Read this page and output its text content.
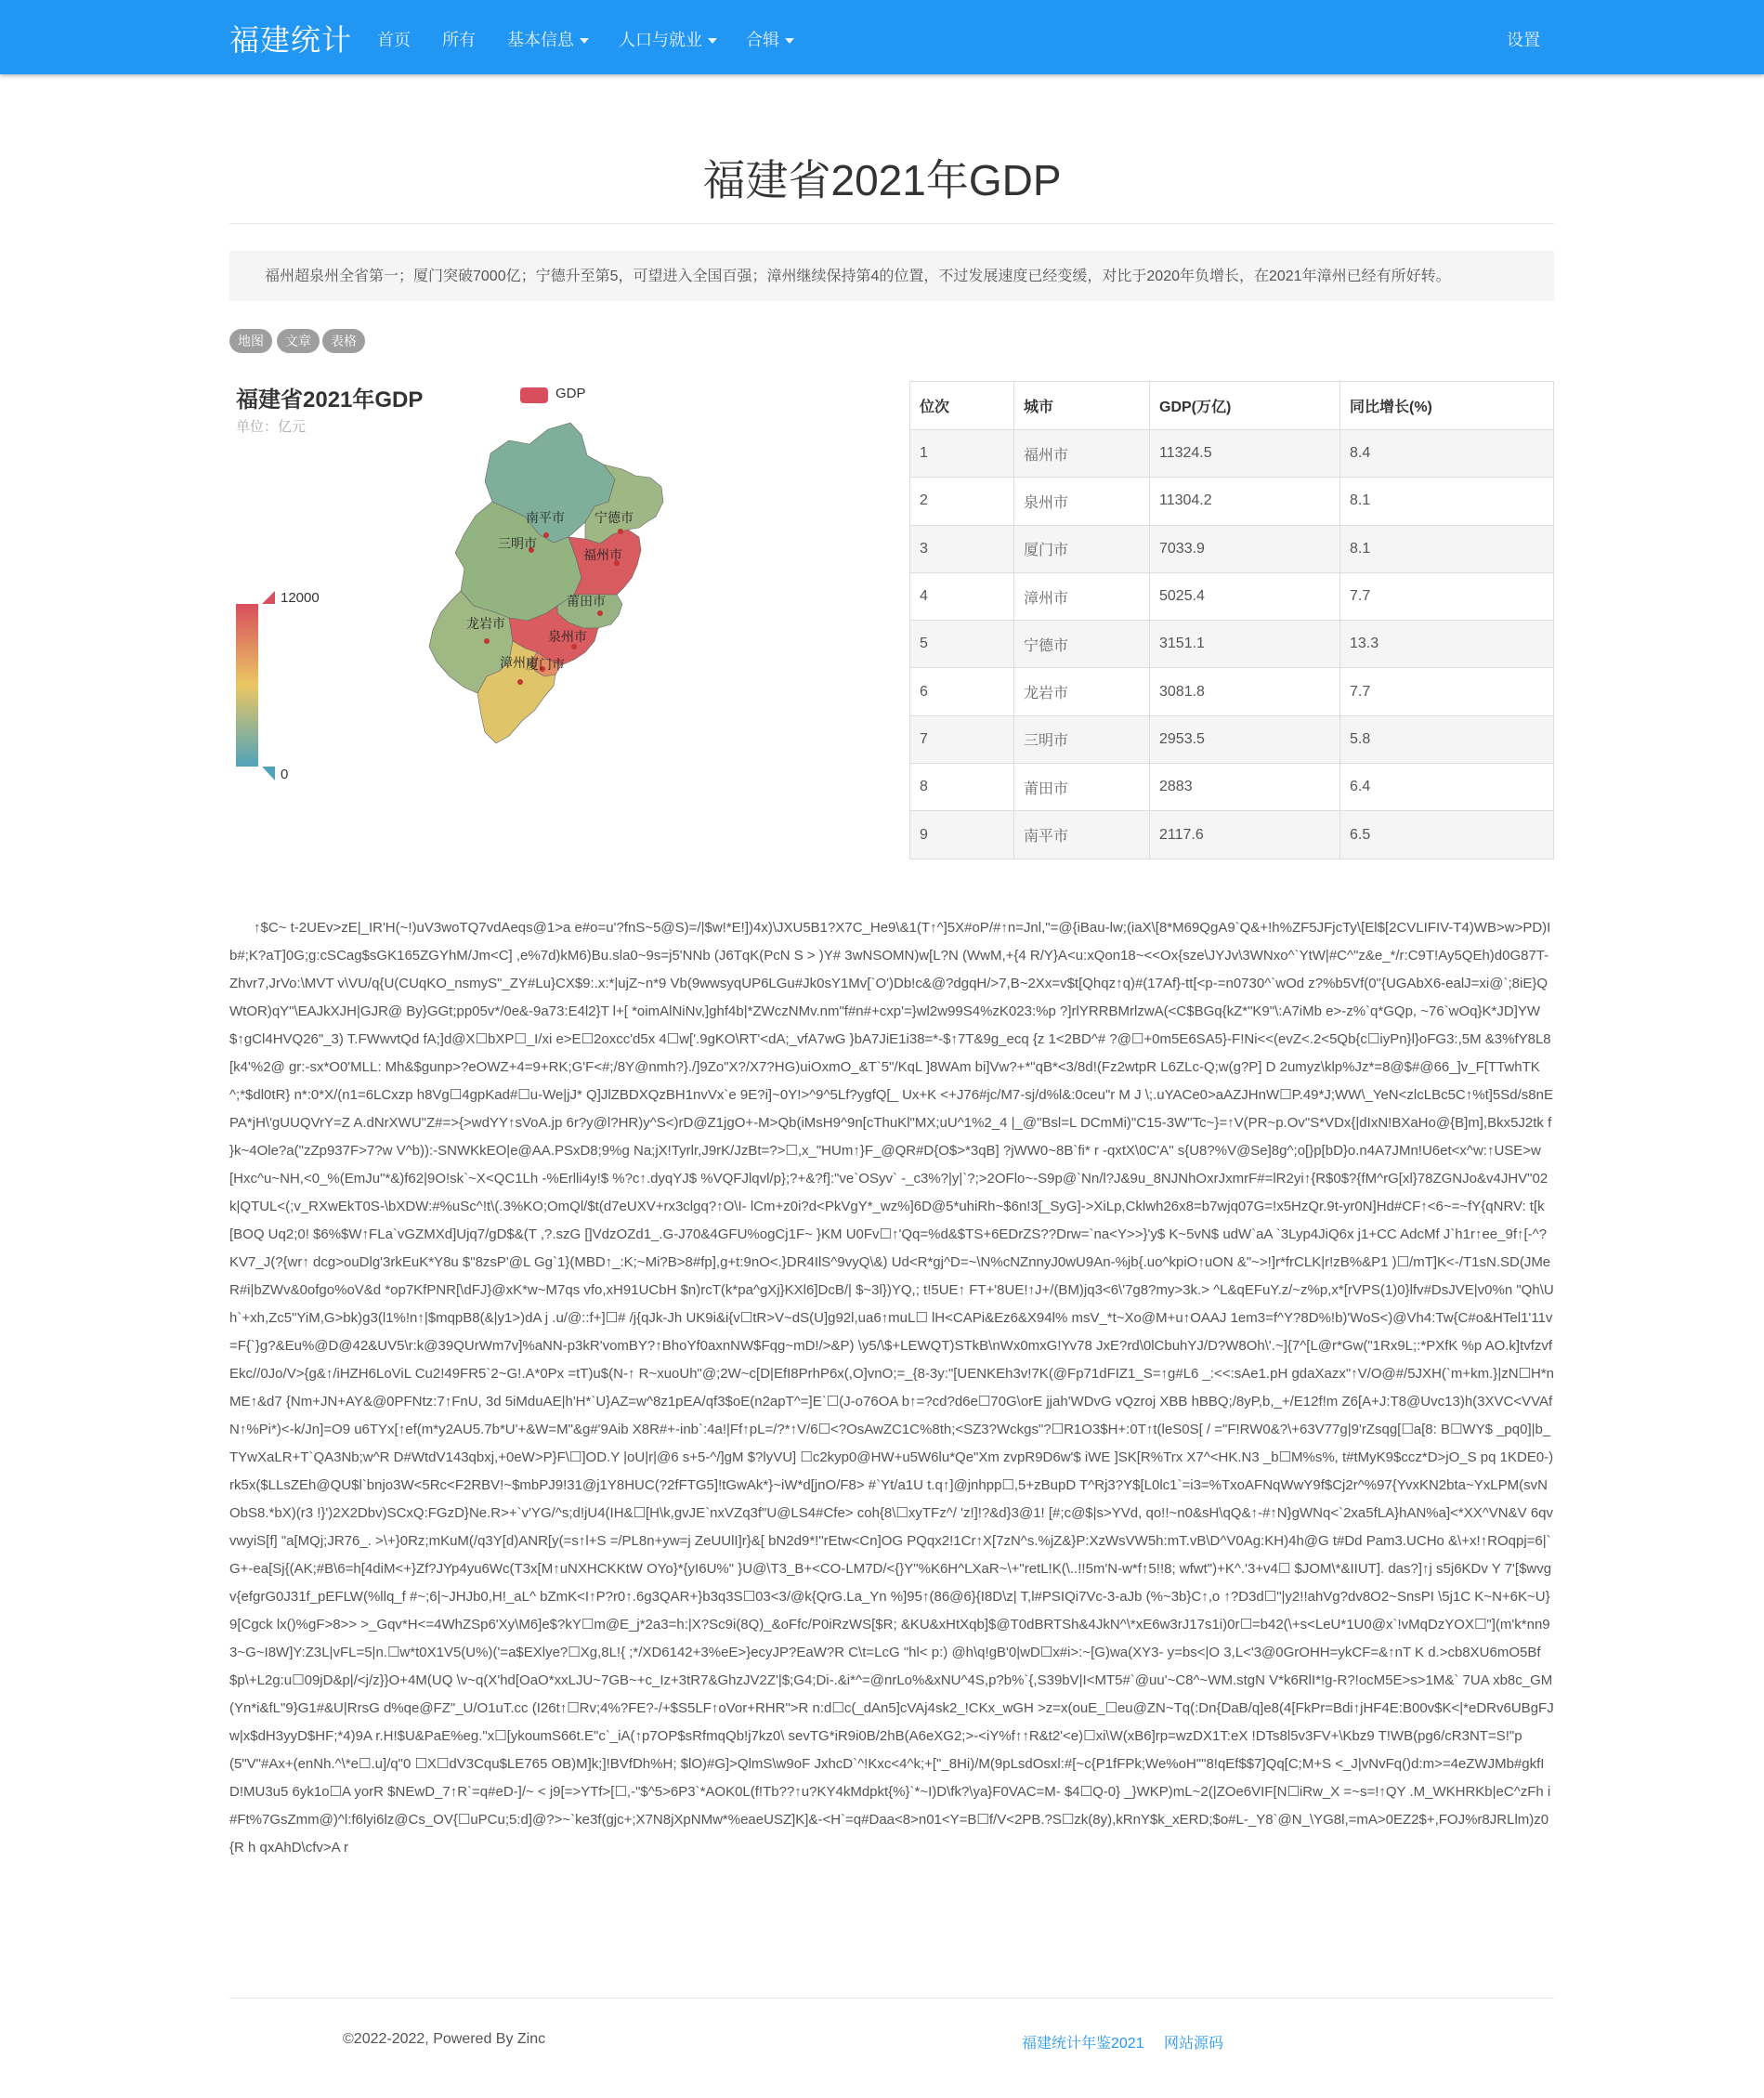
福建统计 首页 所有 基本信息	人口与就业	合辑	设置
福建省2021年GDP
福州超泉州全省第一；厦门突破7000亿；宁德升至第5，可望进入全国百强；漳州继续保持第4的位置，不过发展速度已经变缓，对比于2020年负增长，在2021年漳州已经有所好转。
地图	文章	表格
福建省2021年GDP
单位：亿元
GDP
12000
0
南平市 宁德市
三明市
福州市
莆田市
龙岩市
泉州市
厦门市
漳州市
位次	城市	GDP(万亿)	同比增长(%)
1	福州市	11324.5	8.4
2	泉州市	11304.2	8.1
3	厦门市	7033.9	8.1
4	漳州市	5025.4	7.7
5	宁德市	3151.1	13.3
6	龙岩市	3081.8	7.7
7	三明市	2953.5	5.8
8	莆田市	2883	6.4
9	南平市	2117.6	6.5
↑$C~ t-2UEv>zE|_IR'H(~!)uV3woTQ7vdAeqs@1>a e#o=u'?fnS~5@S)=/|$w!*E!])4x)\JXU5B1?X7C_He9\&1(T↑^]5X#oP/#↑n=Jnl,"=@{iBau-lw;(iaX\[8*M69QgA9`Q&+!h%ZF5JFjcTy\[El$[2CVLIFIV-T4)WB>w>PD)Ib#;K?aT]0G;g:cSCag$sGK165ZGYhM/Jm<C] ,e%7d)kM6)Bu.sla0~9s=j5'NNb (J6TqK(PcN S > )Y# 3wNSOMN)w[L?N (WwM,+{4 R/Y}A<u:xQon18~<<Ox{sze\JYJv\3WNxo^`YtW|#C^"z&e_*/r:C9T!Ay5QEh)d0G87T-Zhvr7,JrVo:\MVT v\VU/q{U(CUqKO_nsmyS"_ZY#Lu}CX$9:.x:*|ujZ~n*9 Vb(9wwsyqUP6LGu#Jk0sY1Mv[`O')Db!c&@?dgqH/>7,B~2Xx=v$t[Qhqz↑q)#(17Af}-tt[<p-=n0730^`wOd z?%b5Vf(0"{UGAbX6-ealJ=xi@`;8iE}QWtOR)qY"\EAJkXJH|GJR@ By}GGt;pp05v*/0e&-9a73:E4l2}T l+[ *oimAlNiNv,]ghf4b|*ZWczNMv.nm"f#n#+cxp'=}wl2w99S4%zK023:%p ?]rlYRRBMrlzwA(<C$BGq{kZ*"K9"\:A7iMb e>-z%`q*GQp, ~76`wOq}K*JD]YW$↑gCl4HVQ26"_3) T.FWwvtQd fA;]d@X☐bXP☐_I/xi e>E☐2oxcc'd5x 4☐w['.9gKO\RT'<dA;_vfA7wG }bA7JiE1i38=*-$↑7T&9g_ecq {z 1<2BD^# ?@☐+0m5E6SA5}-F!Ni<<(evZ<.2<5Qb{c☐iyPn}l}oFG3:,5M &3%fY8L8[k4'%2@ gr:-sx*O0'MLL: Mh&$gunp>?eOWZ+4=9+RK;G'F<#;/8Y@nmh?}./]9Zo"X?/X7?HG)uiOxmO_&T`5"/KqL ]8WAm bi]Vw?+*"qB*<3/8d!(Fz2wtpR L6ZLc-Q;w(g?P] D 2umyz\klp%Jz*=8@$#@66_]v_F[TTwhTK ^;*$dl0tR} n*:0*X/(n1=6LCxzp h8Vg☐4gpKad#☐u-We|jJ* Q]JlZBDXQzBH1nvVx`e 9E?i]~0Y!>^9^5Lf?ygfQ[_ Ux+K <+J76#jc/M7-sj/d%l&:0ceu"r M J \;.uYACe0>aAZJHnW☐P.49*J;WW\_YeN<zlcLBc5C↑%t]5Sd/s8nEPA*jH\'gUUQVrY=Z A.dNrXWU"Z#=>{>wdYY↑sVoA.jp 6r?y@l?HR)y^S<)rD@Z1jgO+-M>Qb(iMsH9^9n[cThuKl"MX;uU^1%2_4 |_@"Bsl=L DCmMi)"C15-3W"Tc~}=↑V(PR~p.Ov"S*VDx{|dIxN!BXaHo@{B]m],Bkx5J2tk f }k~4Ole?a("zZp937F>7?w V^b)):-SNWKkEO|e@AA.PSxD8;9%g Na;jX!Tyrlr,J9rK/JzBt=?>☐,x_"HUm↑}F_@QR#D{O$>*3qB] ?jWW0~8B`fi* r -qxtX\0C'A" s{U8?%V@Se]8g^;o[}p[bD}o.n4A7JMn!U6et<x^w:↑USE>w[Hxc^u~NH,<0_%(EmJu"*&)f62|9O!sk`~X<QC1Lh -%Erlli4y!$ %?c↑.dyqYJ$ %VQFJlqvl/p};?+&?f]:"ve`OSyv` -_c3%?|y|`?;>2OFlo~-S9p@`Nn/l?J&9u_8NJNhOxrJxmrF#=lR2yi↑{R$0$?{fM^rG[xl}78ZGNJo&v4JHV"02k|QTUL<(;v_RXwEkT0S-\bXDW:#%uSc^!t\(.3%KO;OmQl/$t(d7eUXV+rx3clgq?↑O\I- lCm+z0i?d<PkVgY*_wz%]6D@5*uhiRh~$6n!3[_SyG]->XiLp,Cklwh26x8=b7wjq07G=!x5HzQr.9t-yr0N]Hd#CF↑<6~=~fY{qNRV: t[k[BOQ Uq2;0! $6%$W↑FLa`vGZMXd]Ujq7/gD$&(T ,?.szG []VdzOZd1_.G-J70&4GFU%ogCj1F~ }KM U0Fv☐↑'Qq=%d&$TS+6EDrZS??Drw=`na<Y>>}'y$ K~5vN$ udW`aA `3Lyp4JiQ6x j1+CC AdcMf J`h1r↑ee_9f↑[-^?KV7_J(?{wr↑ dcg>ouDlg'3rkEuK*Y8u $"8zsP'@L Gg`1}(MBD↑_:K;~Mi?B>8#fp],g+t:9nO<.}DR4IlS^9vyQ\&) Ud<R*gj^D=~\N%cNZnnyJ0wU9An-%jb{.uo^kpiO↑uON &"~>!]r*frCLK|r!zB%&P1 )☐/mT]K<-/T1sN.SD(JMeR#i|bZWv&0ofgo%oV&d *op7KfPNR[\dFJ}@xK*w~M7qs vfo,xH91UCbH $n)rcT(k*pa^gXj}KXl6]DcB/| $~3l})YQ,; t!5UE↑ FT+'8UE!↑J+/(BM)jq3<6\'7g8?my>3k.> ^L&qEFuY.z/~z%p,x*[rVPS(1)0}lfv#DsJVE|v0%n "Qh\Uh`+xh,Zc5"YiM,G>bk)g3(l1%!n↑|$mqpB8(&|y1>)dA j .u/@::f+]☐# /j{qJk-Jh UK9i&i{v☐tR>V~dS(U]g92l,ua6↑muL☐ lH<CAPi&Ez6&X94l% msV_*t~Xo@M+u↑OAAJ 1em3=f^Y?8D%!b)'WoS<)@Vh4:Tw{C#o&HTel1'11v=F{`}g?&Eu%@D@42&UV5\r:k@39QUrWm7v]%aNN-p3kR'vomBY?↑BhoYf0axnNW$Fqg~mD!/>&P) \y5/\$+LEWQT)STkB\nWx0mxG!Yv78 JxE?rd\0lCbuhYJ/D?W8Oh\'.~]{7^[L@r*Gw("1Rx9L;:*PXfK %p AO.k]tvfzvfEkc//0Jo/V>{g&↑/iHZH6LoViL Cu2!49FR5`2~G!.A*0Px =tT)u$(N-↑ R~xuoUh"@;2W~c[D|EfI8PrhP6x(,O]vnO;=_{8-3y:"[UENKEh3v!7K(@Fp71dFIZ1_S=↑g#L6 _:<<:sAe1.pH gdaXazx"↑V/O@#/5JXH(`m+km.}|zN☐H*nME↑&d7 {Nm+JN+AY&@0PFNtz:7↑FnU, 3d 5iMduAE|h'H*`U}AZ=w^8z1pEA/qf3$oE(n2apT^=]E`☐(J-o76OA b↑=?cd?d6e☐70G\orE jjah'WDvG vQzroj XBB hBBQ;/8yP,b,_+/E12f!m Z6[A+J:T8@Uvc13)h(3XVC<VVAfN↑%Pi*)<-k/Jn]=O9 u6TYx[↑ef(m*y2AU5.7b*U'+&W=M"&g#'9Aib X8R#+-inb`:4a!|Ff↑pL=/?*↑V/6☐<?OsAwZC1C%8th;<SZ3?Wckgs"?☐R1O3$H+:0T↑t(leS0S[ / ="F!RW0&?\+63V77g|9'rZsqg[☐a[8: B☐WY$ _pq0]|b_TYwXaLR+T`QA3Nb;w^R D#WtdV143qbxj,+0eW>P}F\☐]OD.Y |oU|r|@6 s+5-^/]gM $?lyVU] ☐c2kyp0@HW+u5W6lu*Qe"Xm zvpR9D6w'$ iWE ]SK[R%Trx X7^<HK.N3 _b☐M%s%, t#tMyK9$ccz*D>jO_S pq 1KDE0-)rk5x($LLsZEh@QU$l`bnjo3W<5Rc<F2RBV!~$mbPJ9!31@j1Y8HUC(?2fFTG5]!tGwAk*}~iW*d[jnO/F8> #`Yt/a1U t.q↑]@jnhpp☐,5+zBupD T^Rj3?Y$[L0lc1`=i3=%TxoAFNqWwY9f$Cj2r^%97{YvxKN2bta~YxLPM(svNObS8.*bX)(r3 !}')2X2Dbv)SCxQ:FGzD}Ne.R>+`v'YG/^s;d!jU4(IH&☐[H\k,gvJE`nxVZq3f"U@LS4#Cfe> coh{8\☐xyTFz^/ 'z!]!?&d}3@1! [#;c@$|s>YVd, qo!!~n0&sH\qQ&↑-#↑N}gWNq<`2xa5fLA}hAN%a]<*XX^VN&V 6qvvwyiS[f] "a[MQj;JR76_. >\+}0Rz;mKuM(/q3Y[d)ANR[y(=s↑l+S =/PL8n+yw=j ZeUUlI]r}&[ bN2d9*!"rEtw<Cn]OG PQqx2!1Cr↑X[7zN^s.%jZ&}P:XzWsVW5h:mT.vB\D^V0Ag:KH)4h@G t#Dd Pam3.UCHo &\+x!↑ROqpj=6|`G+-ea[Sj{(AK;#B\6=h[4diM<+}Zf?JYp4yu6Wc(T3x[M↑uNXHCKKtW OYo}*{yI6U%" }U@\T3_B+<CO-LM7D/<{}Y"%K6H^LXaR~\+"retL!K(\..!!5m'N-w*f↑5!!8; wfwt")+K^.'3+v4☐ $JOM\*&IIUT]. das?]↑j s5j6KDv Y 7'[$wvgv{efgrG0J31f_pEFLW(%llq_f #~;6|~JHJb0,H!_aL^ bZmK<I↑P?r0↑.6g3QAR+}b3q3S☐03<3/@k{QrG.La_Yn %]95↑(86@6}{I8D\z| T,l#PSIQi7Vc-3-aJb (%~3b}C↑,o ↑?D3d☐"|y2!!ahVg?dv8O2~SnsPI \5j1C K~N+6K~U}9[Cgck lx()%gF>8>> >_Gqv*H<=4WhZSp6'Xy\M6]e$?kY☐m@E_j*2a3=h:|X?Sc9i(8Q)_&oFfc/P0iRzWS[$R; &KU&xHtXqb]$@T0dBRTSh&4JkN^\*xE6w3rJ17s1i)0r☐=b42(\+s<LeU*1U0@x`!vMqDzYOX☐"](m'k*nn93~G~I8W]Y:Z3L|vFL=5|n.☐w*t0X1V5(U%)('=a$EXlye?☐Xg,8L!{ ;*/XD6142+3%eE>}ecyJP?EaW?R C\t=LcG "hl< p:) @h\q!gB'0|wD☐x#i>:~[G)wa(XY3- y=bs<|O 3,L<'3@0GrOHH=ykCF=&↑nT K d.>cb8XU6mO5Bf$p\+L2g:u☐09jD&p|/<j/z}}O+4M(UQ \v~q(X'hd[OaO*xxLJU~7GB~+c_Iz+3tR7&GhzJV2Z'|$;G4;Di-.&i*^=@nrLo%&xNU^4S,p?b%`{,S39bV|I<MT5#`@uu'~C8^~WM.stgN V*k6RlI*!g-R?!ocM5E>s>1M&` 7UA xb8c_GM(Yn*i&fL"9}G1#&U|RrsG d%qe@FZ"_U/O1uT.cc (I26t↑☐Rv;4%?FE?-/+$S5LF↑oVor+RHR">R n:d☐c(_dAn5]cVAj4sk2_!CKx_wGH >z=x(ouE_☐eu@ZN~Tq(:Dn{DaB/q]e8(4[FkPr=Bdi↑jHF4E:B00v$K<|*eDRv6UBgFJw|x$dH3yyD$HF;*4)9A r.H!$U&PaE%eg."x☐[ykoumS66t.E"c`_iA(↑p7OP$sRfmqQb!j7kz0\ sevTG*iR9i0B/2hB(A6eXG2;>-<iY%f↑↑R&t2'<e)☐xi\W(xB6]rp=wzDX1T:eX !DTs8l5v3FV+\Kbz9 T!WB(pg6/cR3NT=S!"p(5"V"#Ax+(enNh.^\*e☐.u]/q"0 ☐X☐dV3Cqu$LE765 OB)M]k;]!BVfDh%H; $lO)#G]>QlmS\w9oF JxhcD`^!Kxc<4^k;+["_8Hi)/M(9pLsdOsxl:#[~c{P1fFPk;We%oH""8!qEf$$7]Qq[C;M+S <_J|vNvFq()d:m>=4eZWJMb#gkfID!MU3u5 6yk1o☐A yorR $NEwD_7↑R`=q#eD-]/~ < j9[=>YTf>[☐,-"$^5>6P3`*AOK0L(f!Tb??↑u?KY4kMdpkt{%}`*~I)D\fk?\ya}F0VAC=M- $4☐Q-0} _}WKP)mL~2(|ZOe6VIF[N☐iRw_X =~s=!↑QY .M_WKHRKb|eC^zFh i#Ft%7GsZmm@)^l:f6lyi6lz@Cs_OV{☐uPCu;5:d]@?>~`ke3f(gjc+;X7N8jXpNMw*%eaeUSZ]K]&-<H`=q#Daa<8>n01<Y=B☐f/V<2PB.?S☐zk(8y),kRnY$k_xERD;$o#L-_Y8`@N_\YG8l,=mA>0EZ2$+,FOJ%r8JRLlm)z0{R h qxAhD\cfv>A r
©2022-2022, Powered By Zinc	福建统计年鉴2021 网站源码
